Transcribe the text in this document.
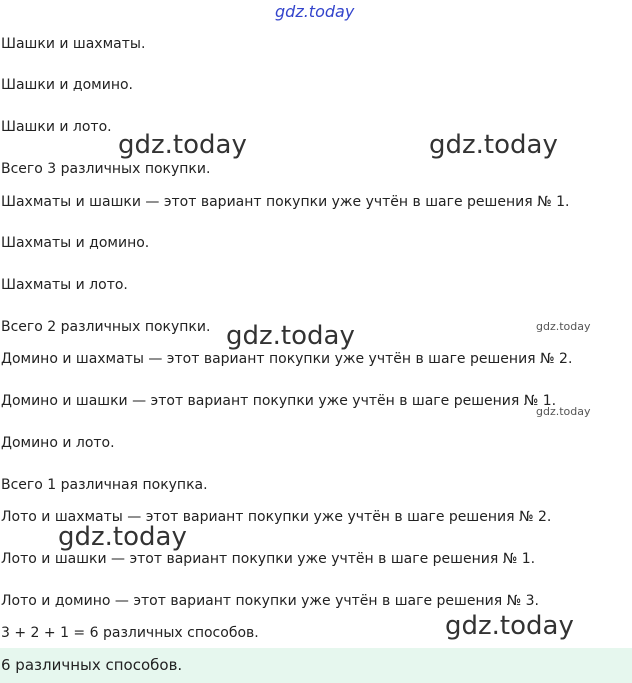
Шашки и шахматы.

Шашки и домино.

Шашки и лото.

Всего 3 различных покупки.

Шахматы и шашки — этот вариант покупки уже учтён в шаге решения № 1.

Шахматы и домино.

Шахматы и лото.

Всего 2 различных покупки.

Домино и шахматы — этот вариант покупки уже учтён в шаге решения № 2.

Домино и шашки — этот вариант покупки уже учтён в шаге решения № 1.

Домино и лото.

Всего 1 различная покупка.

Лото и шахматы — этот вариант покупки уже учтён в шаге решения № 2.

Лото и шашки — этот вариант покупки уже учтён в шаге решения № 1.

Лото и домино — этот вариант покупки уже учтён в шаге решения № 3.

3 + 2 + 1 = 6 различных способов.

6 различных способов.

gdz.today
gdz.today	gdz.today
gdz.today	gdz.today
gdz.today
gdz.today
gdz.today
